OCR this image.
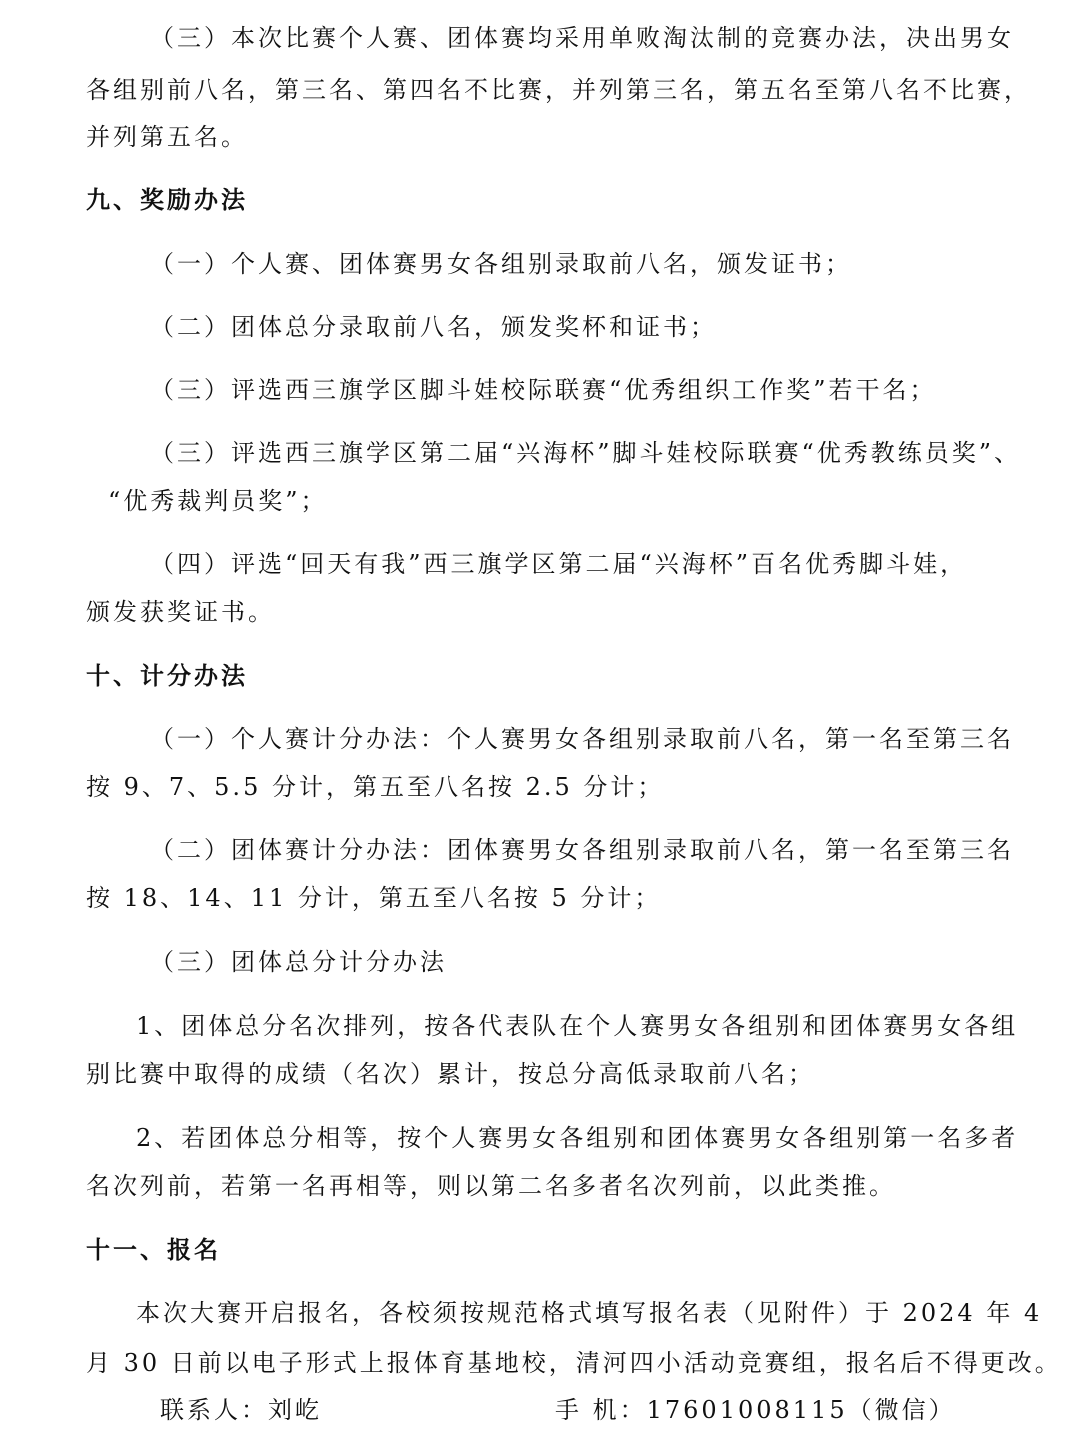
（三）本次比赛个人赛、团体赛均采用单败淘汰制的竞赛办法，决出男女
各组别前八名，第三名、第四名不比赛，并列第三名，第五名至第八名不比赛，
并列第五名。
九、奖励办法
（一）个人赛、团体赛男女各组别录取前八名，颁发证书；
（二）团体总分录取前八名，颁发奖杯和证书；
（三）评选西三旗学区脚斗娃校际联赛“优秀组织工作奖”若干名；
（三）评选西三旗学区第二届“兴海杯”脚斗娃校际联赛“优秀教练员奖”、
“优秀裁判员奖”；
（四）评选“回天有我”西三旗学区第二届“兴海杯”百名优秀脚斗娃，
颁发获奖证书。
十、计分办法
（一）个人赛计分办法：个人赛男女各组别录取前八名，第一名至第三名
按 9、7、5.5 分计，第五至八名按 2.5 分计；
（二）团体赛计分办法：团体赛男女各组别录取前八名，第一名至第三名
按 18、14、11 分计，第五至八名按 5 分计；
（三）团体总分计分办法
1、团体总分名次排列，按各代表队在个人赛男女各组别和团体赛男女各组
别比赛中取得的成绩（名次）累计，按总分高低录取前八名；
2、若团体总分相等，按个人赛男女各组别和团体赛男女各组别第一名多者
名次列前，若第一名再相等，则以第二名多者名次列前，以此类推。
十一、报名
本次大赛开启报名，各校须按规范格式填写报名表（见附件）于 2024 年 4
月 30 日前以电子形式上报体育基地校，清河四小活动竞赛组，报名后不得更改。
联系人：刘屹	手 机：17601008115（微信）
